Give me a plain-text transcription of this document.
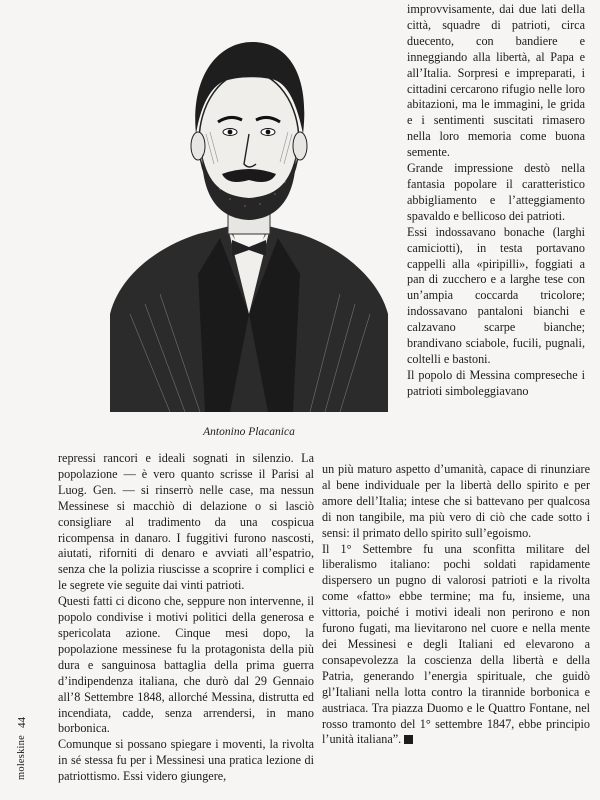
Antonino Placanica

improvvisamente, dai due lati della città, squadre di patrioti, circa duecento, con bandiere e inneggiando alla libertà, al Papa e all’Italia. Sorpresi e impreparati, i cittadini cercarono rifugio nelle loro abitazioni, ma le immagini, le grida e i sentimenti suscitati rimasero nella loro memoria come buona semente.

Grande impressione destò nella fantasia popolare il caratteristico abbigliamento e l’atteggiamento spavaldo e bellicoso dei patrioti.

Essi indossavano bonache (larghi camiciotti), in testa portavano cappelli alla «piripilli», foggiati a pan di zucchero e a larghe tese con un’ampia coccarda tricolore; indossavano pantaloni bianchi e calzavano scarpe bianche; brandivano sciabole, fucili, pugnali, coltelli e bastoni.

Il popolo di Messina compreseche i patrioti simboleggiavano

repressi rancori e ideali sognati in silenzio. La popolazione — è vero quanto scrisse il Parisi al Luog. Gen. — si rinserrò nelle case, ma nessun Messinese si macchiò di delazione o si lasciò consigliare al tradimento da una cospicua ricompensa in danaro. I fuggitivi furono nascosti, aiutati, riforniti di denaro e avviati all’espatrio, senza che la polizia riuscisse a scoprire i complici e le segrete vie seguite dai vinti patrioti.

Questi fatti ci dicono che, seppure non intervenne, il popolo condivise i motivi politici della generosa e spericolata azione. Cinque mesi dopo, la popolazione messinese fu la protagonista della più dura e sanguinosa battaglia della prima guerra d’indipendenza italiana, che durò dal 29 Gennaio all’8 Settembre 1848, allorché Messina, distrutta ed incendiata, cadde, senza arrendersi, in mano borbonica.

Comunque si possano spiegare i moventi, la rivolta in sé stessa fu per i Messinesi una pratica lezione di patriottismo. Essi videro giungere,

un più maturo aspetto d’umanità, capace di rinunziare al bene individuale per la libertà dello spirito e per amore dell’Italia; intese che si battevano per qualcosa di non tangibile, ma più vero di ciò che cade sotto i sensi: il primato dello spirito sull’egoismo.

Il 1° Settembre fu una sconfitta militare del liberalismo italiano: pochi soldati rapidamente dispersero un pugno di valorosi patrioti e la rivolta come «fatto» ebbe termine; ma fu, insieme, una vittoria, poiché i motivi ideali non perirono e non furono fugati, ma lievitarono nel cuore e nella mente dei Messinesi e degli Italiani ed elevarono a consapevolezza la coscienza della libertà e della Patria, generando l’energia spirituale, che guidò gl’Italiani nella lotta contro la tirannide borbonica e austriaca. Tra piazza Duomo e le Quattro Fontane, nel rosso tramonto del 1° settembre 1847, ebbe principio l’unità italiana”.

44
moleskine
